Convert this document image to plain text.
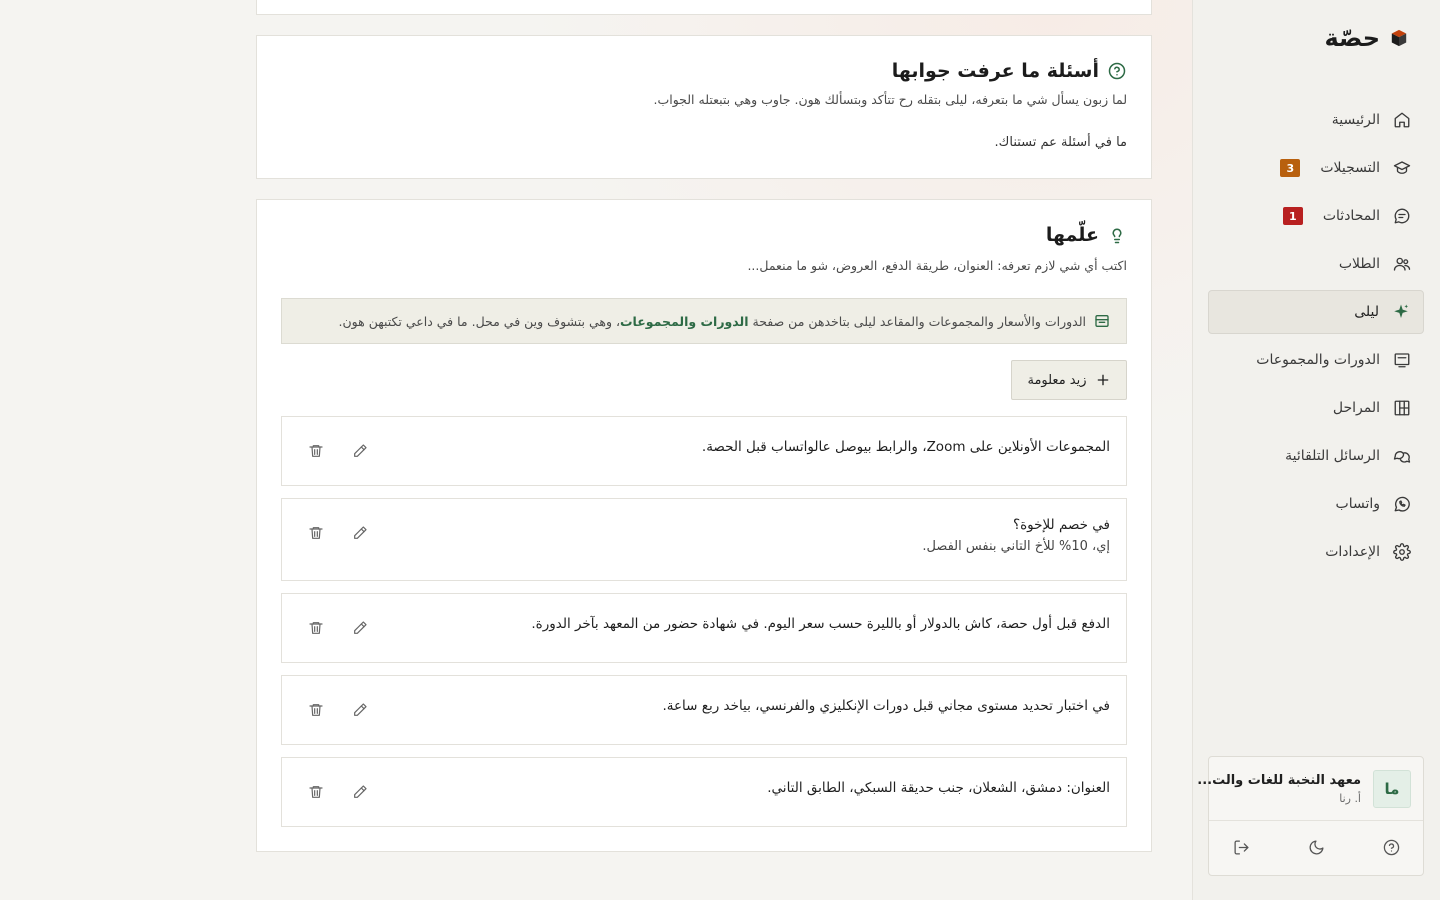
أسئلة ما عرفت جوابها
لما زبون يسأل شي ما بتعرفه، ليلى بتقله رح تتأكد وبتسألك هون. جاوب وهي بتبعتله الجواب.
ما في أسئلة عم تستناك.
علّمها
اكتب أي شي لازم تعرفه: العنوان، طريقة الدفع، العروض، شو ما منعمل...
الدورات والأسعار والمجموعات والمقاعد ليلى بتاخدهن من صفحة الدورات والمجموعات، وهي بتشوف وين في محل. ما في داعي تكتبهن هون.
زيد معلومة
المجموعات الأونلاين على Zoom، والرابط بيوصل عالواتساب قبل الحصة.
في خصم للإخوة؟
إي، 10% للأخ التاني بنفس الفصل.
الدفع قبل أول حصة، كاش بالدولار أو بالليرة حسب سعر اليوم. في شهادة حضور من المعهد بآخر الدورة.
في اختبار تحديد مستوى مجاني قبل دورات الإنكليزي والفرنسي، بياخد ربع ساعة.
العنوان: دمشق، الشعلان، جنب حديقة السبكي، الطابق التاني.
حصّة
الرئيسية
التسجيلات
3
المحادثات
1
الطلاب
ليلى
الدورات والمجموعات
المراحل
الرسائل التلقائية
واتساب
الإعدادات
ما
معهد النخبة للغات والت...
أ. رنا
